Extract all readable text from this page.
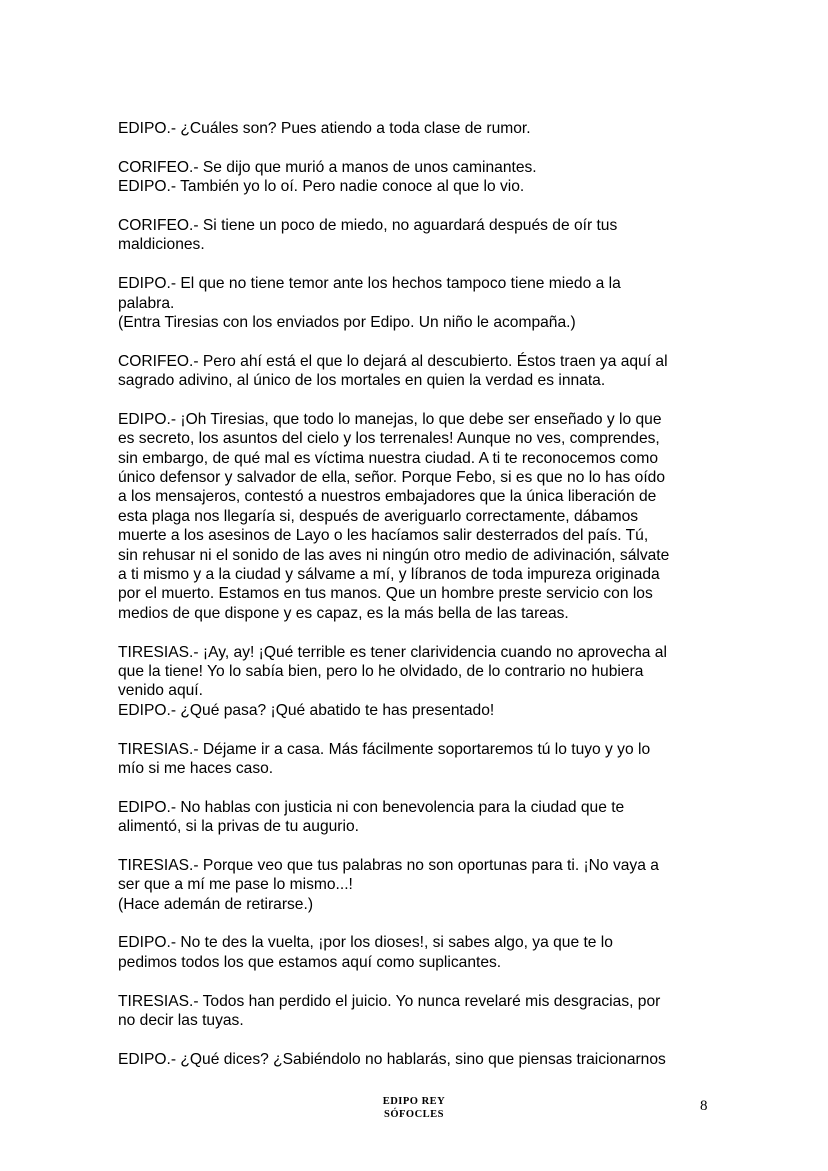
EDIPO.- ¿Cuáles son? Pues atiendo a toda clase de rumor.
CORIFEO.- Se dijo que murió a manos de unos caminantes.
EDIPO.- También yo lo oí. Pero nadie conoce al que lo vio.
CORIFEO.- Si tiene un poco de miedo, no aguardará después de oír tus
maldiciones.
EDIPO.- El que no tiene temor ante los hechos tampoco tiene miedo a la
palabra.
(Entra Tiresias con los enviados por Edipo. Un niño le acompaña.)
CORIFEO.- Pero ahí está el que lo dejará al descubierto. Éstos traen ya aquí al
sagrado adivino, al único de los mortales en quien la verdad es innata.
EDIPO.- ¡Oh Tiresias, que todo lo manejas, lo que debe ser enseñado y lo que
es secreto, los asuntos del cielo y los terrenales! Aunque no ves, comprendes,
sin embargo, de qué mal es víctima nuestra ciudad. A ti te reconocemos como
único defensor y salvador de ella, señor. Porque Febo, si es que no lo has oído
a los mensajeros, contestó a nuestros embajadores que la única liberación de
esta plaga nos llegaría si, después de averiguarlo correctamente, dábamos
muerte a los asesinos de Layo o les hacíamos salir desterrados del país. Tú,
sin rehusar ni el sonido de las aves ni ningún otro medio de adivinación, sálvate
a ti mismo y a la ciudad y sálvame a mí, y líbranos de toda impureza originada
por el muerto. Estamos en tus manos. Que un hombre preste servicio con los
medios de que dispone y es capaz, es la más bella de las tareas.
TIRESIAS.- ¡Ay, ay! ¡Qué terrible es tener clarividencia cuando no aprovecha al
que la tiene! Yo lo sabía bien, pero lo he olvidado, de lo contrario no hubiera
venido aquí.
EDIPO.- ¿Qué pasa? ¡Qué abatido te has presentado!
TIRESIAS.- Déjame ir a casa. Más fácilmente soportaremos tú lo tuyo y yo lo
mío si me haces caso.
EDIPO.- No hablas con justicia ni con benevolencia para la ciudad que te
alimentó, si la privas de tu augurio.
TIRESIAS.- Porque veo que tus palabras no son oportunas para ti. ¡No vaya a
ser que a mí me pase lo mismo...!
(Hace ademán de retirarse.)
EDIPO.- No te des la vuelta, ¡por los dioses!, si sabes algo, ya que te lo
pedimos todos los que estamos aquí como suplicantes.
TIRESIAS.- Todos han perdido el juicio. Yo nunca revelaré mis desgracias, por
no decir las tuyas.
EDIPO.- ¿Qué dices? ¿Sabiéndolo no hablarás, sino que piensas traicionarnos
EDIPO REY
SÓFOCLES
8
